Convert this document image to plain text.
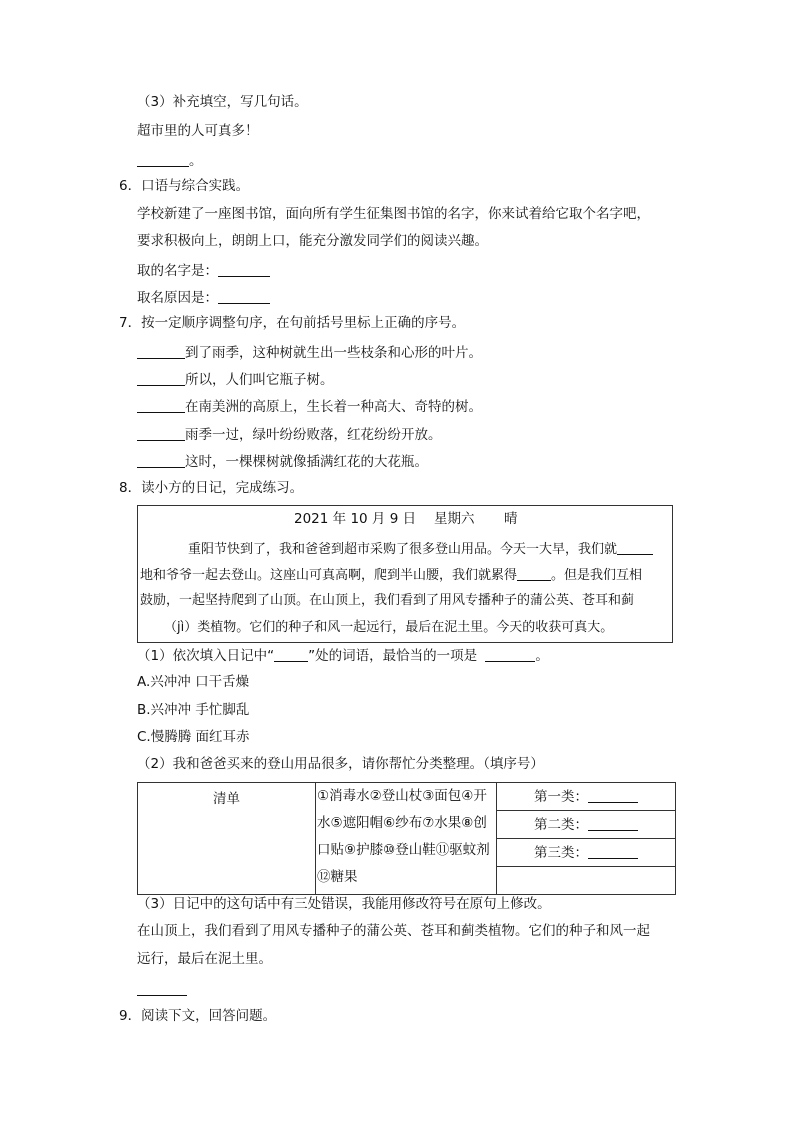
（3）补充填空，写几句话。
超市里的人可真多！
。
6．口语与综合实践。
学校新建了一座图书馆，面向所有学生征集图书馆的名字，你来试着给它取个名字吧，
要求积极向上，朗朗上口，能充分激发同学们的阅读兴趣。
取的名字是：
取名原因是：
7．按一定顺序调整句序，在句前括号里标上正确的序号。
到了雨季，这种树就生出一些枝条和心形的叶片。
所以，人们叫它瓶子树。
在南美洲的高原上，生长着一种高大、奇特的树。
雨季一过，绿叶纷纷败落，红花纷纷开放。
这时，一棵棵树就像插满红花的大花瓶。
8．读小方的日记，完成练习。
2021 年 10 月 9 日 星期六 晴
重阳节快到了，我和爸爸到超市采购了很多登山用品。今天一大早，我们就
地和爷爷一起去登山。这座山可真高啊，爬到半山腰，我们就累得	。但是我们互相
鼓励，一起坚持爬到了山顶。在山顶上，我们看到了用风专播种子的蒲公英、苍耳和蓟
（jì）类植物。它们的种子和风一起远行，最后在泥土里。今天的收获可真大。
（1）依次填入日记中“	”处的词语，最恰当的一项是	。
A.兴冲冲 口干舌燥
B.兴冲冲 手忙脚乱
C.慢腾腾 面红耳赤
（2）我和爸爸买来的登山用品很多，请你帮忙分类整理。（填序号）
清单	①消毒水②登山杖③面包④开水⑤遮阳帽⑥纱布⑦水果⑧创口贴⑨护膝⑩登山鞋⑪驱蚊剂⑫糖果	第一类：
第二类：
第三类：

（3）日记中的这句话中有三处错误，我能用修改符号在原句上修改。
在山顶上，我们看到了用风专播种子的蒲公英、苍耳和蓟类植物。它们的种子和风一起
远行，最后在泥土里。
9．阅读下文，回答问题。
